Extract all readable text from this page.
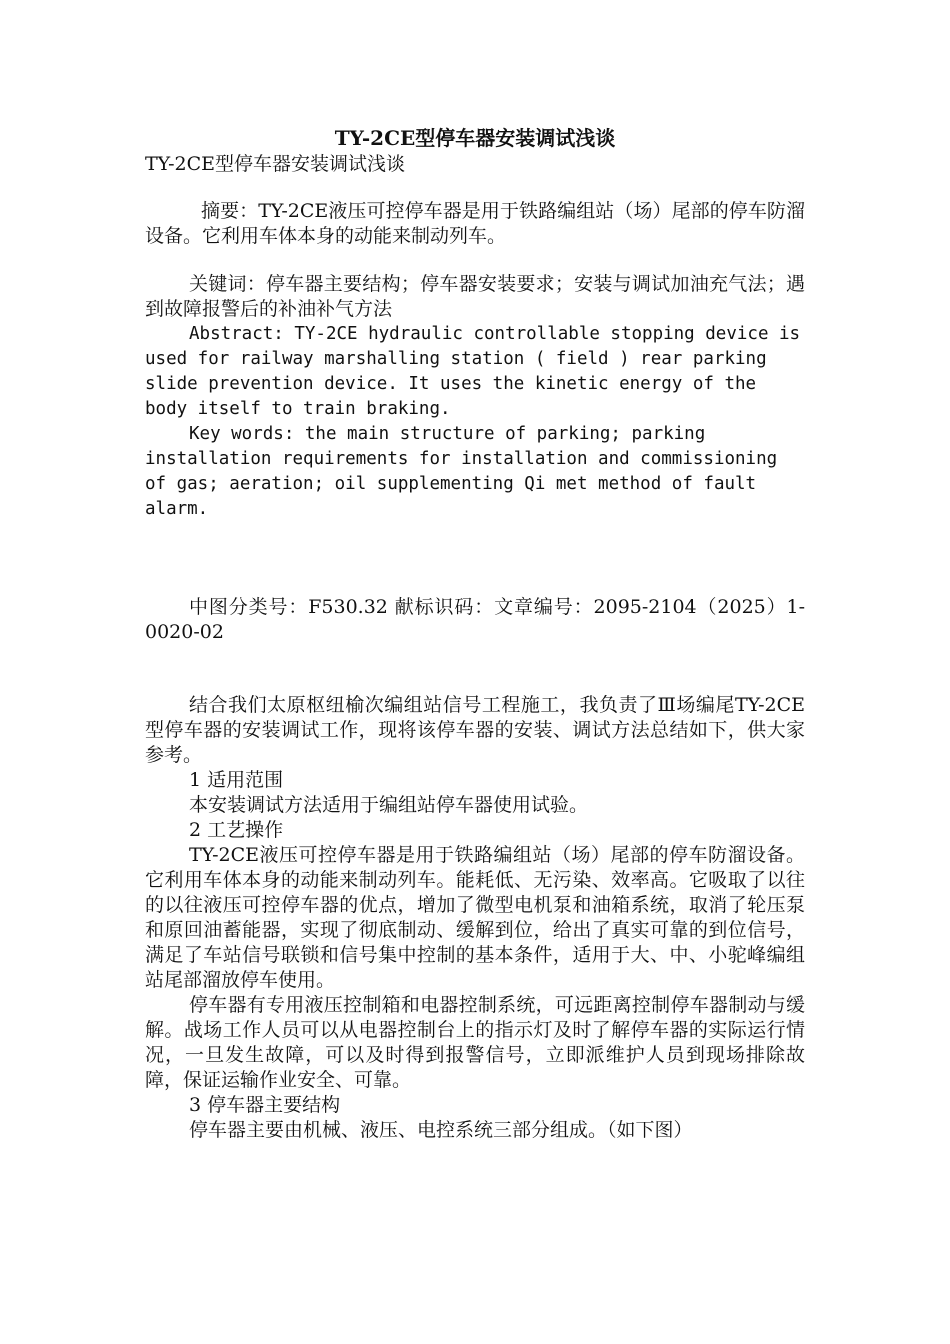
TY-2CE型停车器安装调试浅谈

TY-2CE型停车器安装调试浅谈

摘要：TY-2CE液压可控停车器是用于铁路编组站（场）尾部的停车防溜设备。它利用车体本身的动能来制动列车。

关键词：停车器主要结构；停车器安装要求；安装与调试加油充气法；遇到故障报警后的补油补气方法

Abstract: TY-2CE hydraulic controllable stopping device is used for railway marshalling station ( field ) rear parking slide prevention device. It uses the kinetic energy of the body itself to train braking.

Key words: the main structure of parking; parking installation requirements for installation and commissioning of gas; aeration; oil supplementing Qi met method of fault alarm.

中图分类号：F530.32 献标识码：文章编号：2095-2104（2025）1-0020-02

结合我们太原枢纽榆次编组站信号工程施工，我负责了Ⅲ场编尾TY-2CE型停车器的安装调试工作，现将该停车器的安装、调试方法总结如下，供大家参考。

1 适用范围

本安装调试方法适用于编组站停车器使用试验。

2 工艺操作

TY-2CE液压可控停车器是用于铁路编组站（场）尾部的停车防溜设备。它利用车体本身的动能来制动列车。能耗低、无污染、效率高。它吸取了以往的以往液压可控停车器的优点，增加了微型电机泵和油箱系统，取消了轮压泵和原回油蓄能器，实现了彻底制动、缓解到位，给出了真实可靠的到位信号，满足了车站信号联锁和信号集中控制的基本条件，适用于大、中、小驼峰编组站尾部溜放停车使用。

停车器有专用液压控制箱和电器控制系统，可远距离控制停车器制动与缓解。战场工作人员可以从电器控制台上的指示灯及时了解停车器的实际运行情况，一旦发生故障，可以及时得到报警信号，立即派维护人员到现场排除故障，保证运输作业安全、可靠。

3 停车器主要结构

停车器主要由机械、液压、电控系统三部分组成。（如下图）
